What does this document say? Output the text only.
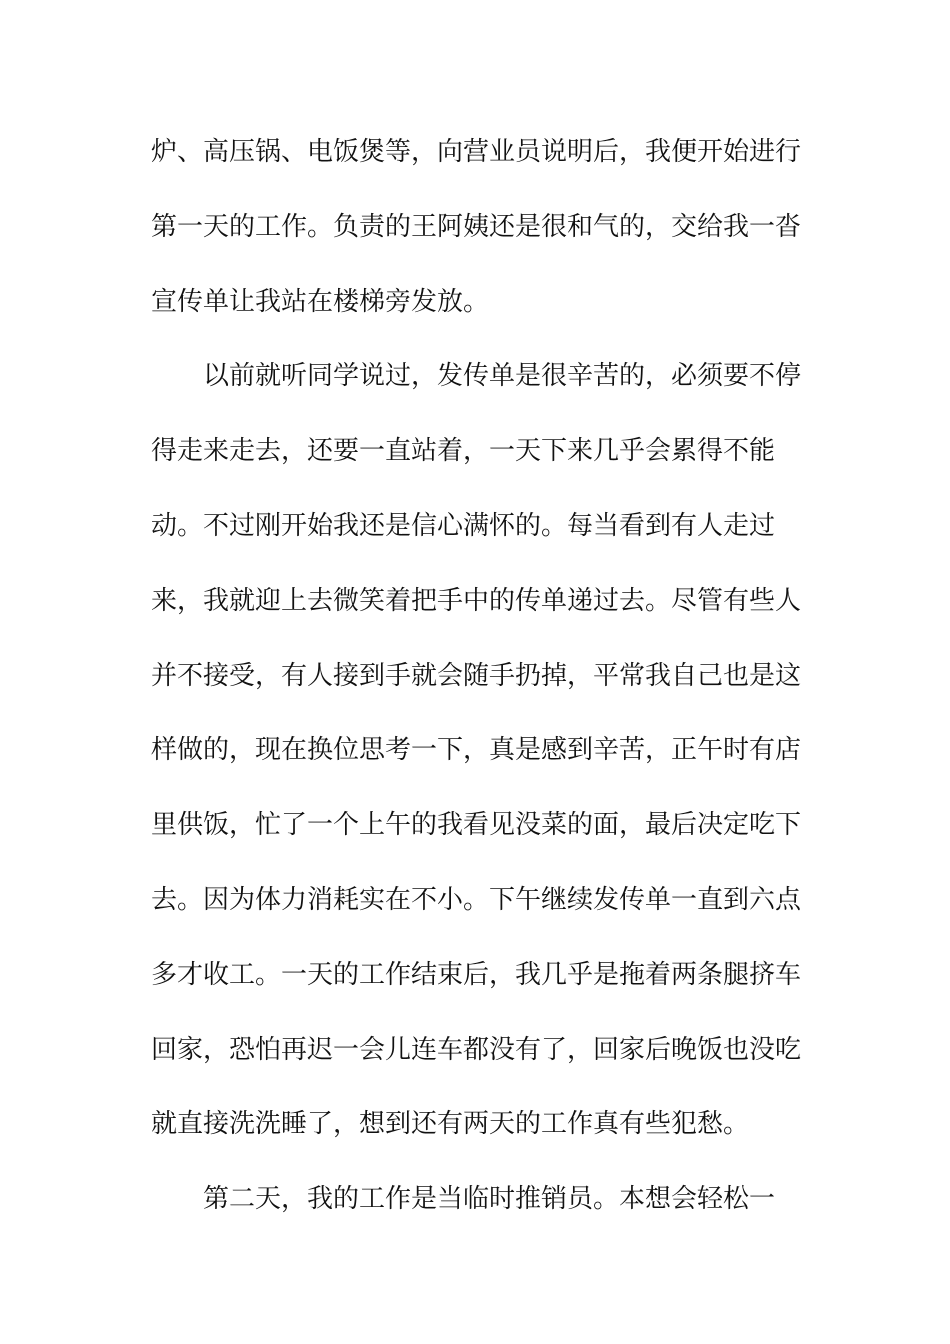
炉、高压锅、电饭煲等，向营业员说明后，我便开始进行
第一天的工作。负责的王阿姨还是很和气的，交给我一沓
宣传单让我站在楼梯旁发放。
以前就听同学说过，发传单是很辛苦的，必须要不停
得走来走去，还要一直站着，一天下来几乎会累得不能
动。不过刚开始我还是信心满怀的。每当看到有人走过
来，我就迎上去微笑着把手中的传单递过去。尽管有些人
并不接受，有人接到手就会随手扔掉，平常我自己也是这
样做的，现在换位思考一下，真是感到辛苦，正午时有店
里供饭，忙了一个上午的我看见没菜的面，最后决定吃下
去。因为体力消耗实在不小。下午继续发传单一直到六点
多才收工。一天的工作结束后，我几乎是拖着两条腿挤车
回家，恐怕再迟一会儿连车都没有了，回家后晚饭也没吃
就直接洗洗睡了，想到还有两天的工作真有些犯愁。
第二天，我的工作是当临时推销员。本想会轻松一
